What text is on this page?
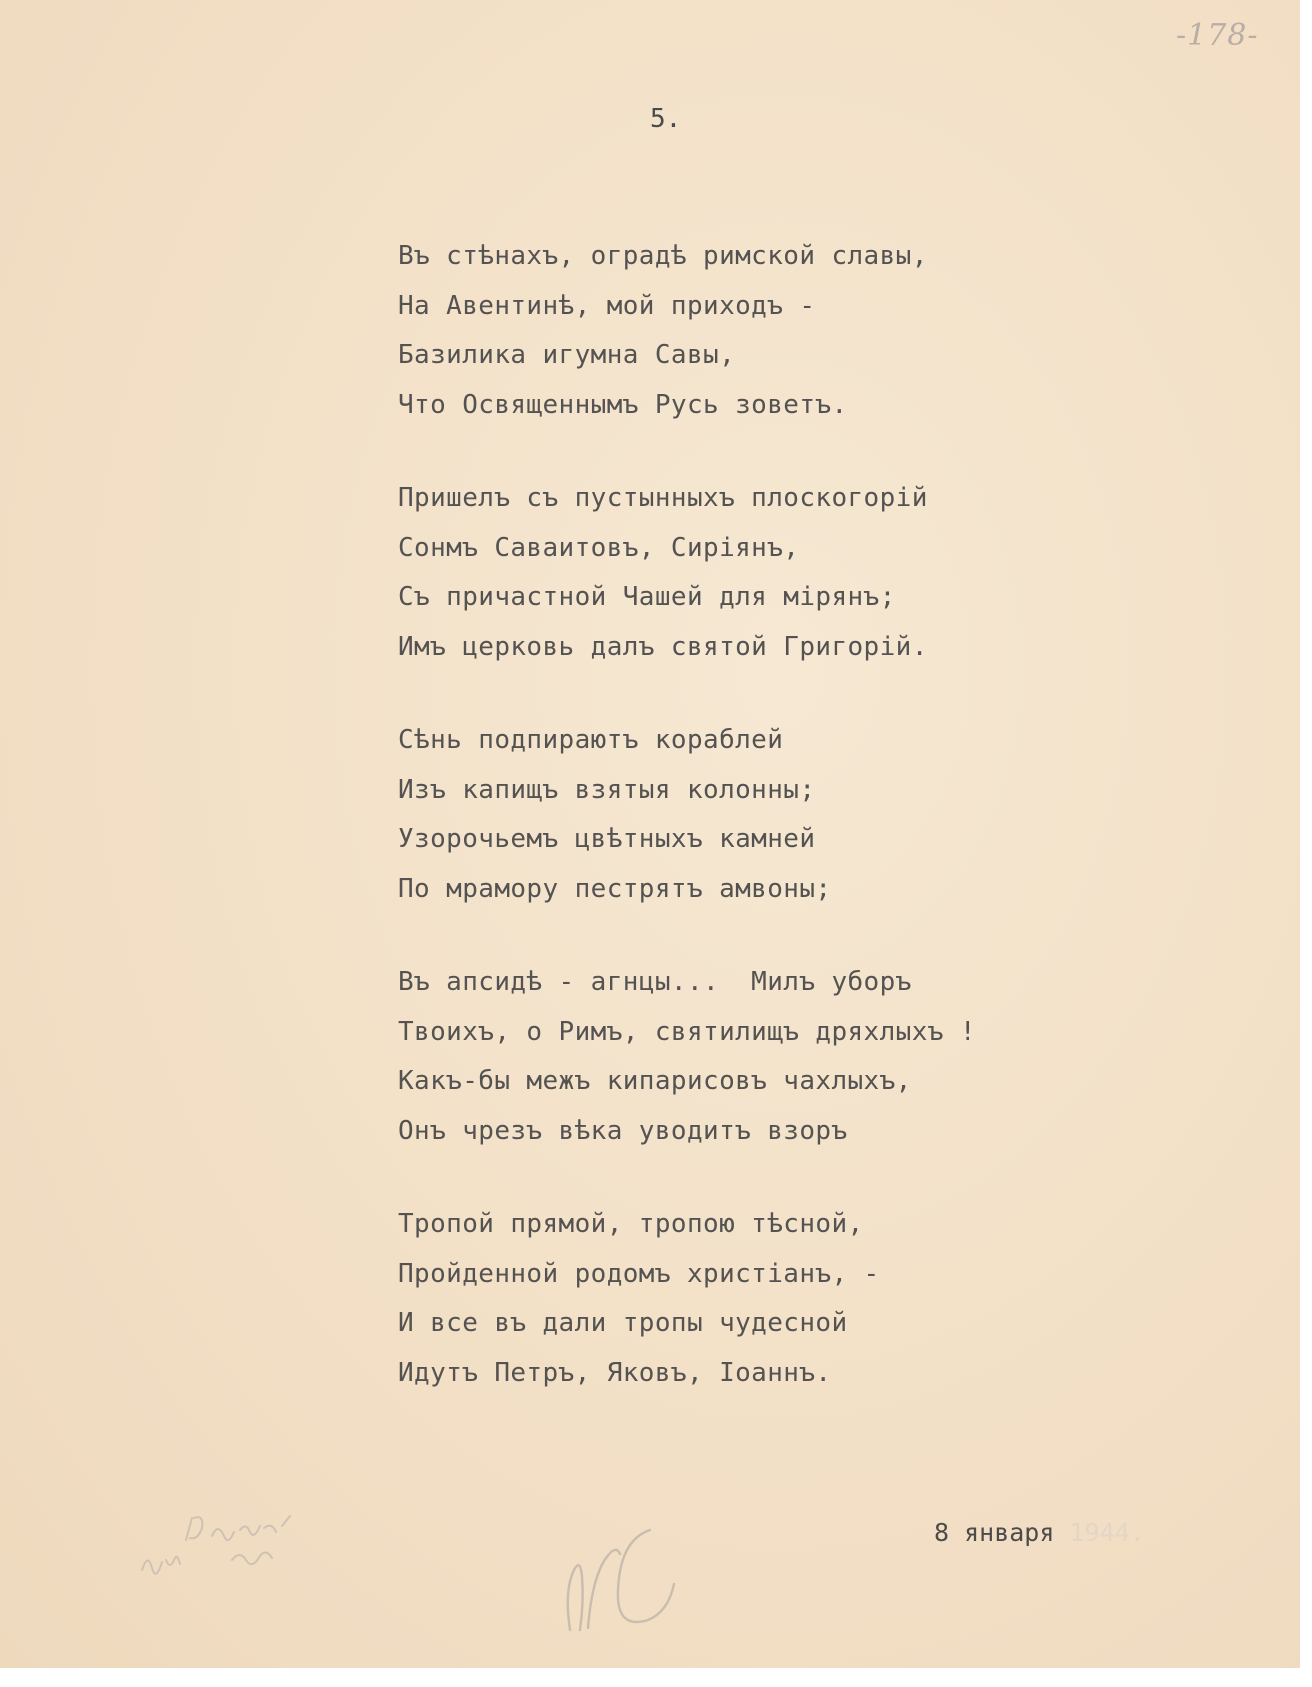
-178-
5.
Въ стѣнахъ, оградѣ римской славы,
На Авентинѣ, мой приходъ -
Базилика игумна Савы,
Что Освященнымъ Русь зоветъ.
Пришелъ съ пустынныхъ плоскогорій
Сонмъ Саваитовъ, Сиріянъ,
Съ причастной Чашей для мірянъ;
Имъ церковь далъ святой Григорій.
Сѣнь подпираютъ кораблей
Изъ капищъ взятыя колонны;
Узорочьемъ цвѣтныхъ камней
По мрамору пестрятъ амвоны;
Въ апсидѣ - агнцы...  Милъ уборъ
Твоихъ, о Римъ, святилищъ дряхлыхъ !
Какъ-бы межъ кипарисовъ чахлыхъ,
Онъ чрезъ вѣка уводитъ взоръ
Тропой прямой, тропою тѣсной,
Пройденной родомъ христіанъ, -
И все въ дали тропы чудесной
Идутъ Петръ, Яковъ, Іоаннъ.
8 января 1944.
